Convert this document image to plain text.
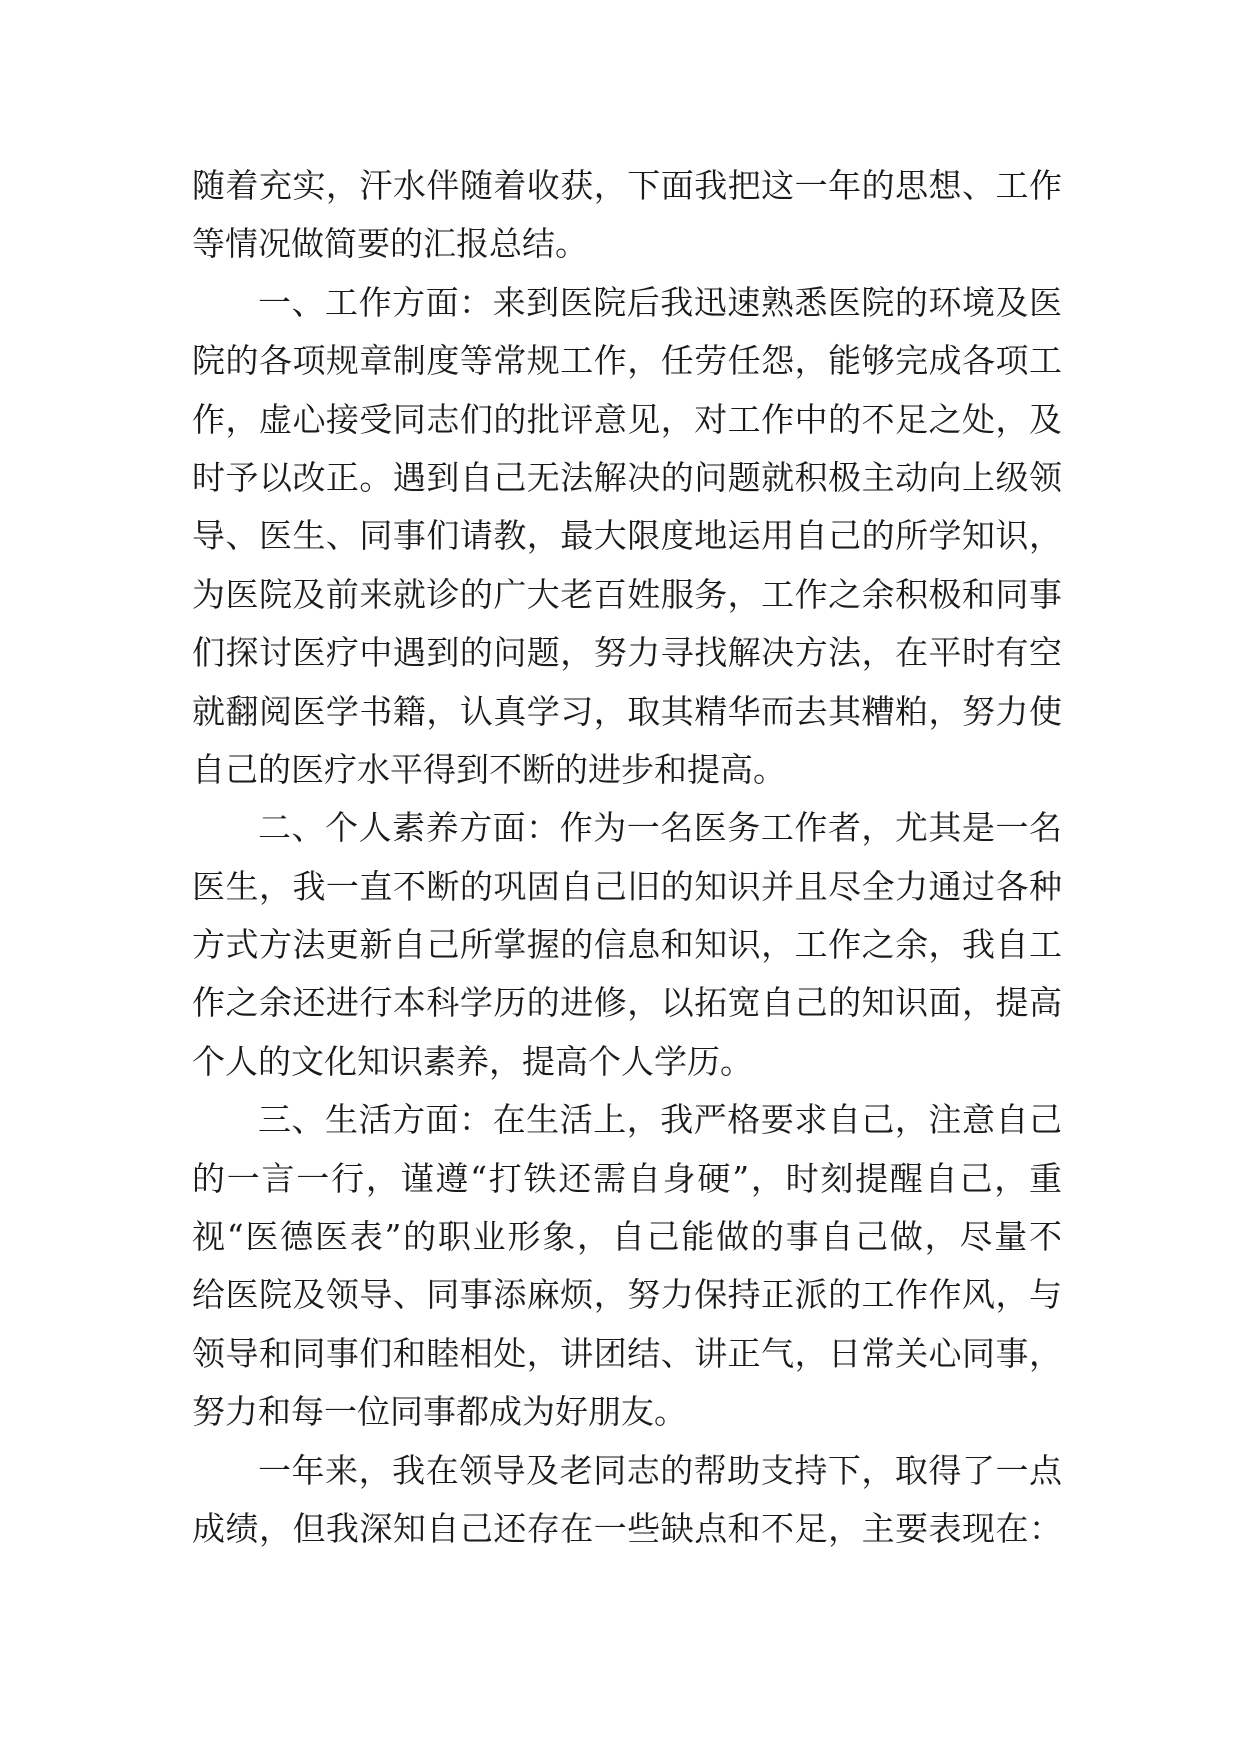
随着充实，汗水伴随着收获，下面我把这一年的思想、工作
等情况做简要的汇报总结。
一、工作方面：来到医院后我迅速熟悉医院的环境及医
院的各项规章制度等常规工作，任劳任怨，能够完成各项工
作，虚心接受同志们的批评意见，对工作中的不足之处，及
时予以改正。遇到自己无法解决的问题就积极主动向上级领
导、医生、同事们请教，最大限度地运用自己的所学知识，
为医院及前来就诊的广大老百姓服务，工作之余积极和同事
们探讨医疗中遇到的问题，努力寻找解决方法，在平时有空
就翻阅医学书籍，认真学习，取其精华而去其糟粕，努力使
自己的医疗水平得到不断的进步和提高。
二、个人素养方面：作为一名医务工作者，尤其是一名
医生，我一直不断的巩固自己旧的知识并且尽全力通过各种
方式方法更新自己所掌握的信息和知识，工作之余，我自工
作之余还进行本科学历的进修，以拓宽自己的知识面，提高
个人的文化知识素养，提高个人学历。
三、生活方面：在生活上，我严格要求自己，注意自己
的一言一行，谨遵“打铁还需自身硬”，时刻提醒自己，重
视“医德医表”的职业形象，自己能做的事自己做，尽量不
给医院及领导、同事添麻烦，努力保持正派的工作作风，与
领导和同事们和睦相处，讲团结、讲正气，日常关心同事，
努力和每一位同事都成为好朋友。
一年来，我在领导及老同志的帮助支持下，取得了一点
成绩，但我深知自己还存在一些缺点和不足，主要表现在：
